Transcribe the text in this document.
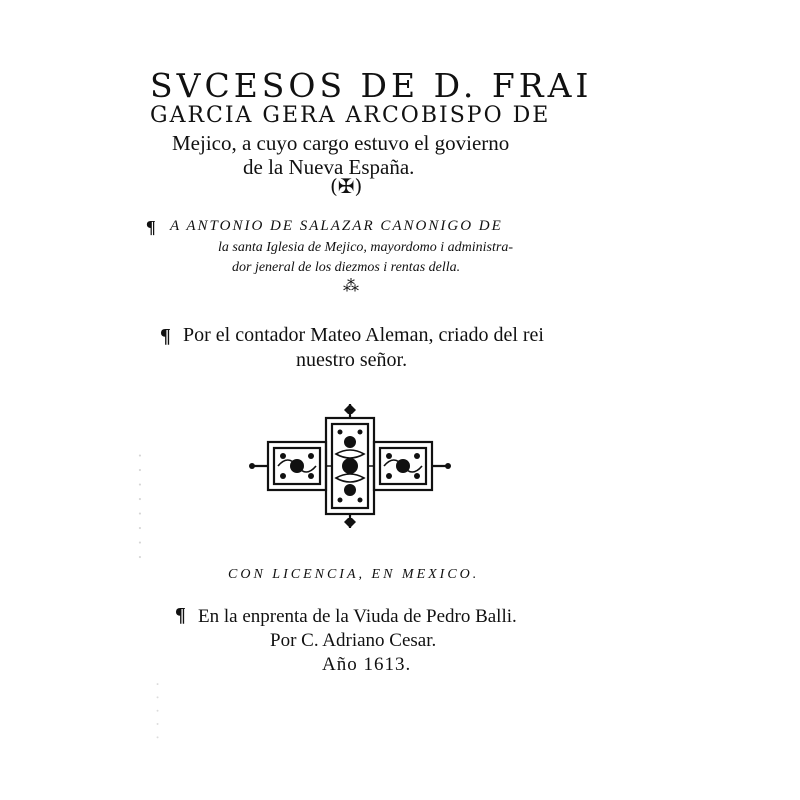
· · · · · · · ·
· · · · ·
SVCESOS DE D. FRAI
GARCIA GERA ARCOBISPO DE
Mejico, a cuyo cargo estuvo el govierno
de la Nueva España.
(✠)
¶ A ANTONIO DE SALAZAR CANONIGO DE
la santa Iglesia de Mejico, mayordomo i administra-
dor jeneral de los diezmos i rentas della.
⁂
¶ Por el contador Mateo Aleman, criado del rei
nuestro señor.
CON LICENCIA, EN MEXICO.
¶ En la enprenta de la Viuda de Pedro Balli.
Por C. Adriano Cesar.
Año 1613.
